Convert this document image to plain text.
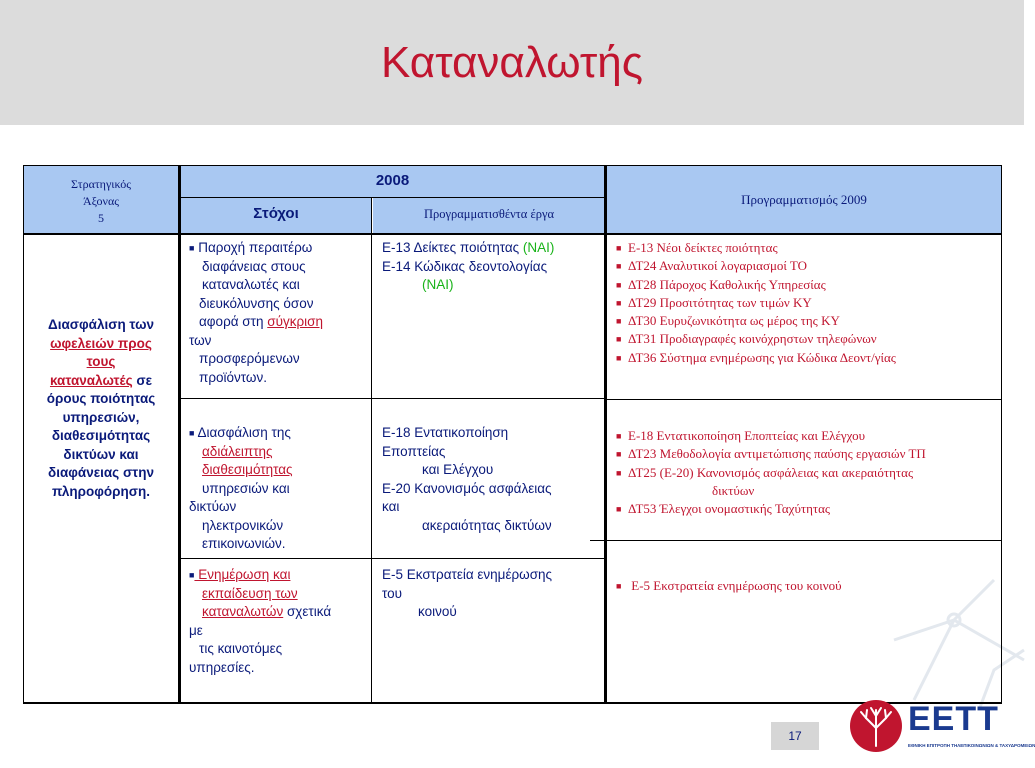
Καταναλωτής
Στρατηγικός
Άξονας
5
2008
Στόχοι	Προγραμματισθέντα έργα
Προγραμματισμός 2009
Διασφάλιση των
ωφελειών προς
τους
καταναλωτές σε
όρους ποιότητας
υπηρεσιών,
διαθεσιμότητας
δικτύων και
διαφάνειας στην
πληροφόρηση.
■ Παροχή περαιτέρω
διαφάνειας στους
καταναλωτές και
διευκόλυνσης όσον
αφορά στη σύγκριση
των
προσφερόμενων
προϊόντων.
Ε-13 Δείκτες ποιότητας (ΝΑΙ)
Ε-14 Κώδικας δεοντολογίας
(ΝΑΙ)
■ Ε-13 Νέοι δείκτες ποιότητας
■ ΔΤ24 Αναλυτικοί λογαριασμοί ΤΟ
■ ΔΤ28 Πάροχος Καθολικής Υπηρεσίας
■ ΔΤ29 Προσιτότητας των τιμών ΚΥ
■ ΔΤ30 Ευρυζωνικότητα ως μέρος της ΚΥ
■ ΔΤ31 Προδιαγραφές κοινόχρηστων τηλεφώνων
■ ΔΤ36 Σύστημα ενημέρωσης για Κώδικα Δεοντ/γίας
■ Διασφάλιση της
αδιάλειπτης
διαθεσιμότητας
υπηρεσιών και
δικτύων
ηλεκτρονικών
επικοινωνιών.
Ε-18 Εντατικοποίηση
Εποπτείας
και Ελέγχου
Ε-20 Κανονισμός ασφάλειας
και
ακεραιότητας δικτύων
■ Ε-18 Εντατικοποίηση Εποπτείας και Ελέγχου
■ ΔΤ23 Μεθοδολογία αντιμετώπισης παύσης εργασιών ΤΠ
■ ΔΤ25 (Ε-20) Κανονισμός ασφάλειας και ακεραιότητας
δικτύων
■ ΔΤ53 Έλεγχοι ονομαστικής Ταχύτητας
■ Ενημέρωση και
εκπαίδευση των
καταναλωτών σχετικά
με
τις καινοτόμες
υπηρεσίες.
Ε-5 Εκστρατεία ενημέρωσης
του
κοινού
■ Ε-5 Εκστρατεία ενημέρωσης του κοινού
17	ΕΕΤΤ
ΕΘΝΙΚΗ ΕΠΙΤΡΟΠΗ ΤΗΛΕΠΙΚΟΙΝΩΝΙΩΝ & ΤΑΧΥΔΡΟΜΕΙΩΝ
